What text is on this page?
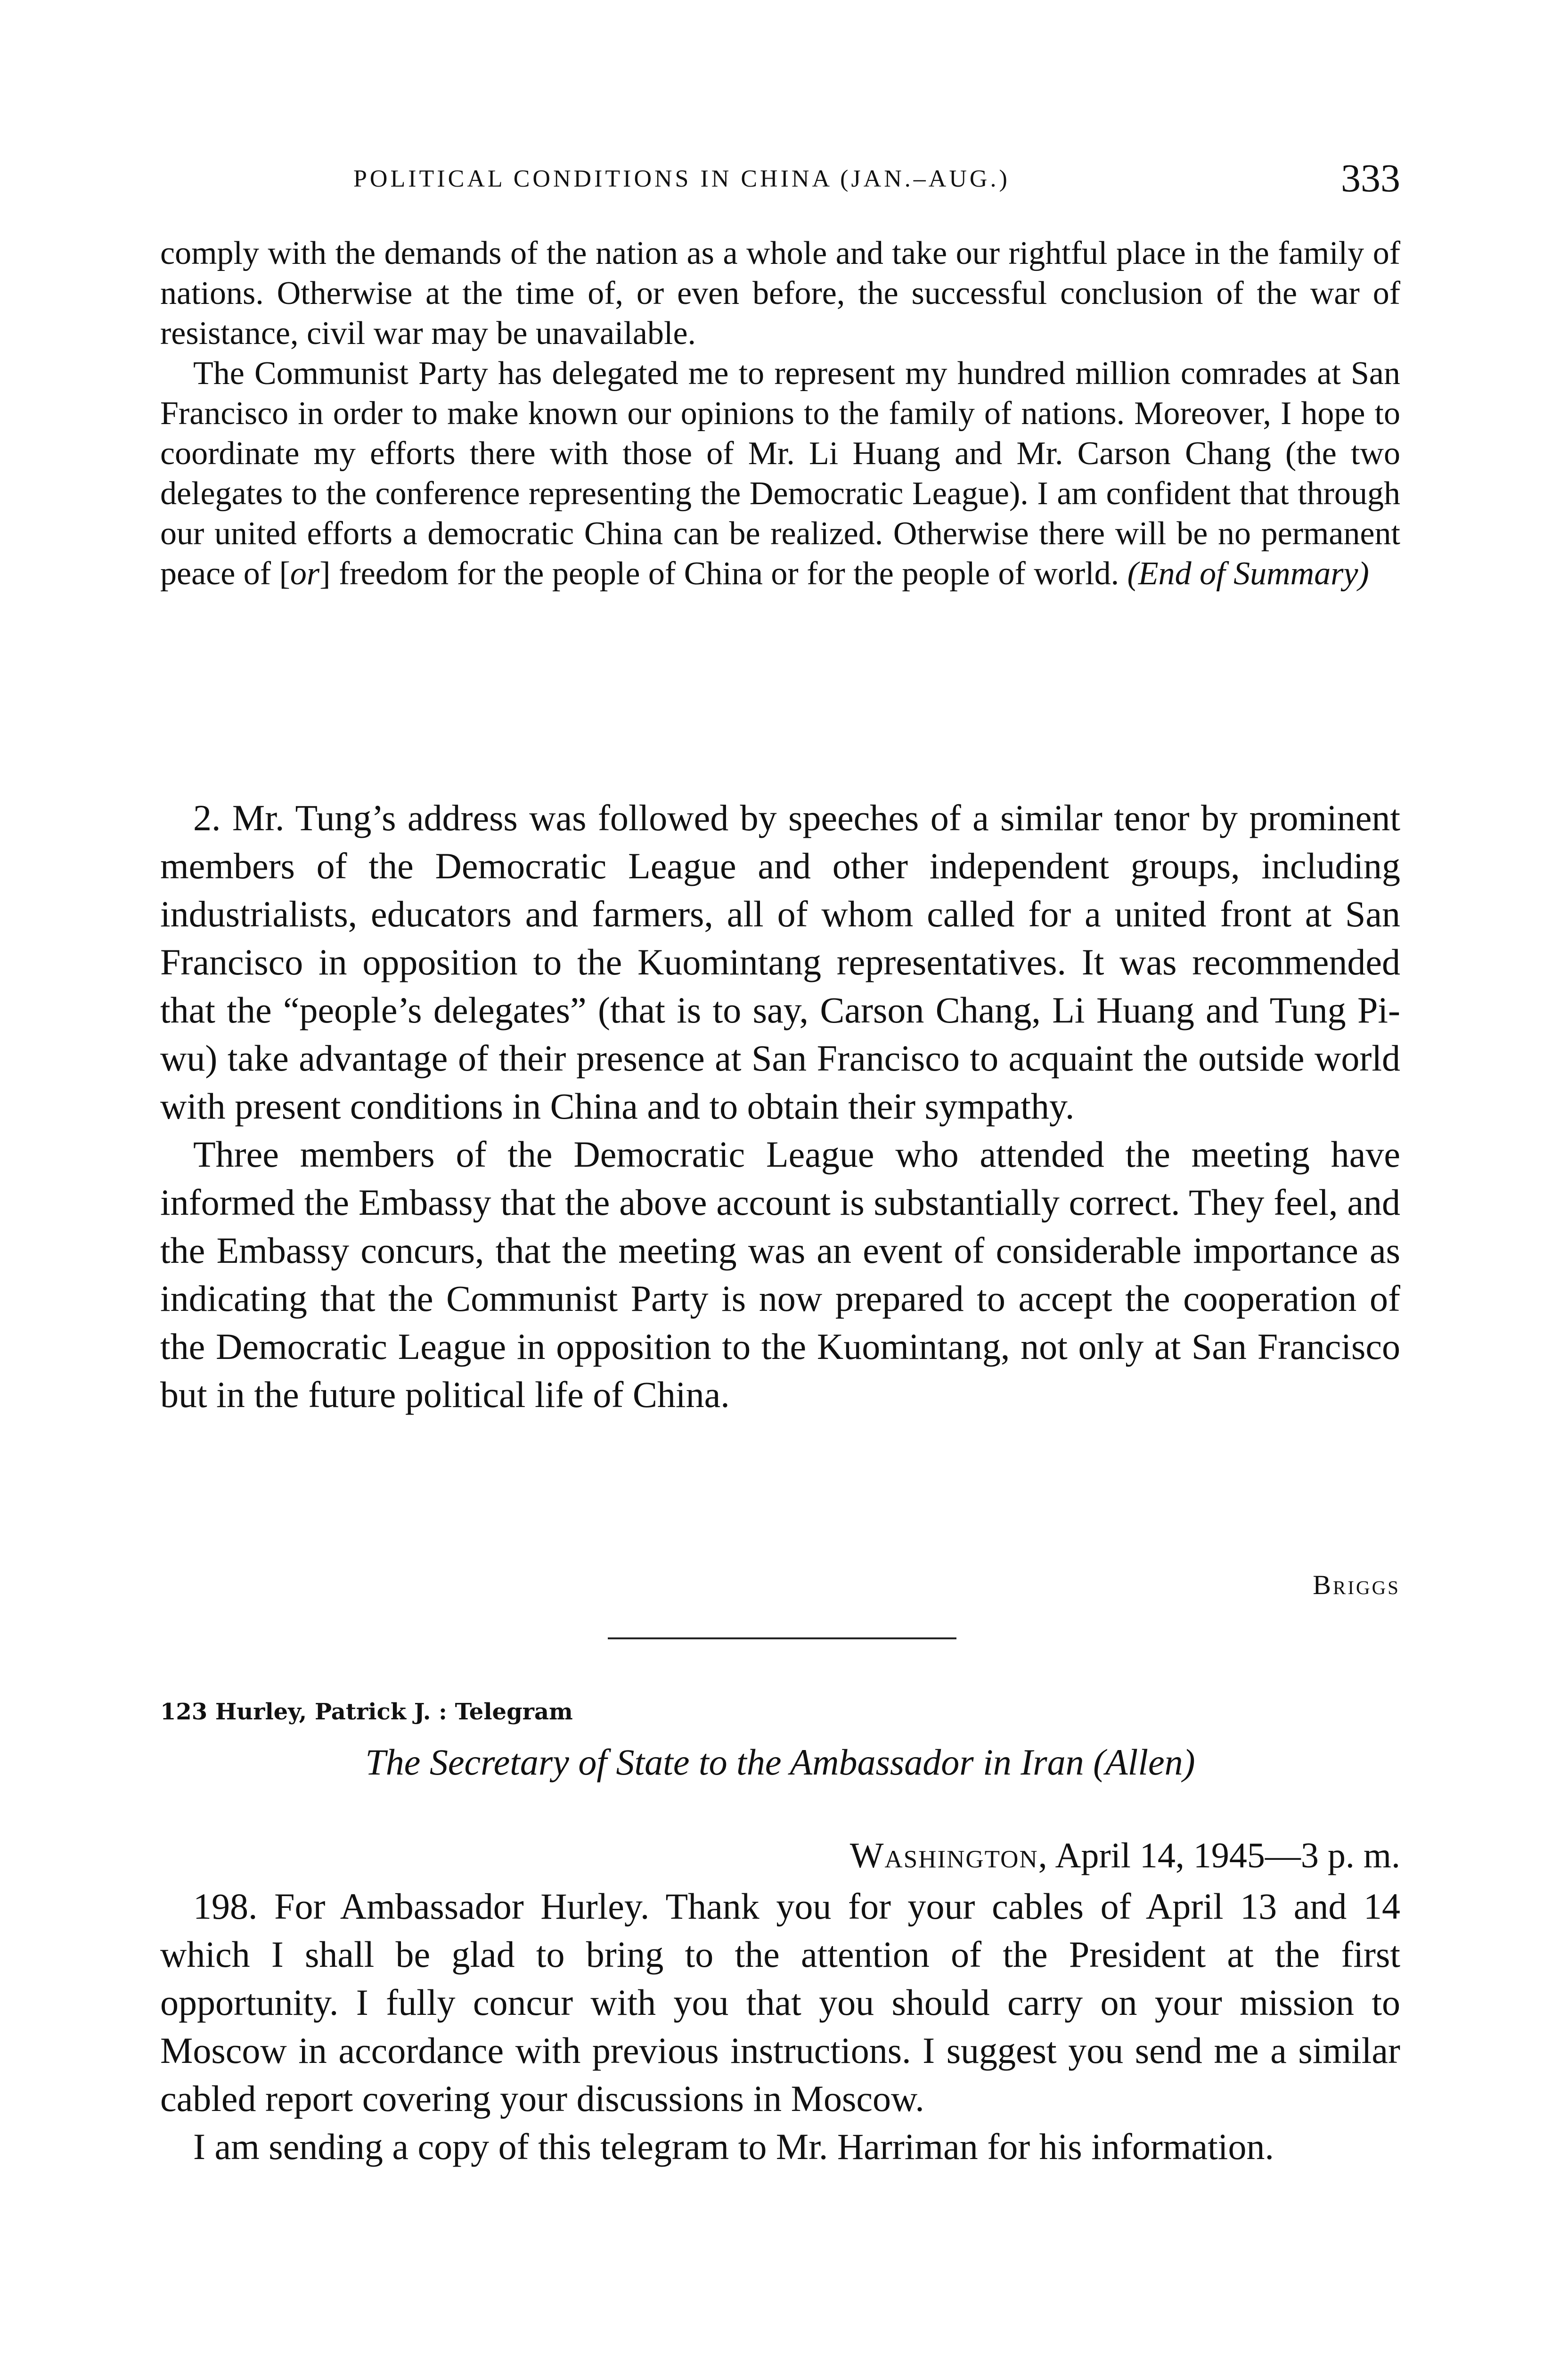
POLITICAL CONDITIONS IN CHINA (JAN.–AUG.)	333

comply with the demands of the nation as a whole and take our rightful place in the family of nations. Otherwise at the time of, or even before, the successful conclusion of the war of resistance, civil war may be unavailable.

The Communist Party has delegated me to represent my hundred million comrades at San Francisco in order to make known our opinions to the family of nations. Moreover, I hope to coordinate my efforts there with those of Mr. Li Huang and Mr. Carson Chang (the two delegates to the conference representing the Democratic League). I am confident that through our united efforts a democratic China can be realized. Otherwise there will be no permanent peace of [or] freedom for the people of China or for the people of world. (End of Summary)

2. Mr. Tung’s address was followed by speeches of a similar tenor by prominent members of the Democratic League and other independent groups, including industrialists, educators and farmers, all of whom called for a united front at San Francisco in opposition to the Kuomintang representatives. It was recommended that the “people’s delegates” (that is to say, Carson Chang, Li Huang and Tung Pi-wu) take advantage of their presence at San Francisco to acquaint the outside world with present conditions in China and to obtain their sympathy.

Three members of the Democratic League who attended the meeting have informed the Embassy that the above account is substantially correct. They feel, and the Embassy concurs, that the meeting was an event of considerable importance as indicating that the Communist Party is now prepared to accept the cooperation of the Democratic League in opposition to the Kuomintang, not only at San Francisco but in the future political life of China.

Briggs
123 Hurley, Patrick J. : Telegram
The Secretary of State to the Ambassador in Iran (Allen)
Washington, April 14, 1945—3 p. m.

198. For Ambassador Hurley. Thank you for your cables of April 13 and 14 which I shall be glad to bring to the attention of the President at the first opportunity. I fully concur with you that you should carry on your mission to Moscow in accordance with previous instructions. I suggest you send me a similar cabled report covering your discussions in Moscow.

I am sending a copy of this telegram to Mr. Harriman for his information.
